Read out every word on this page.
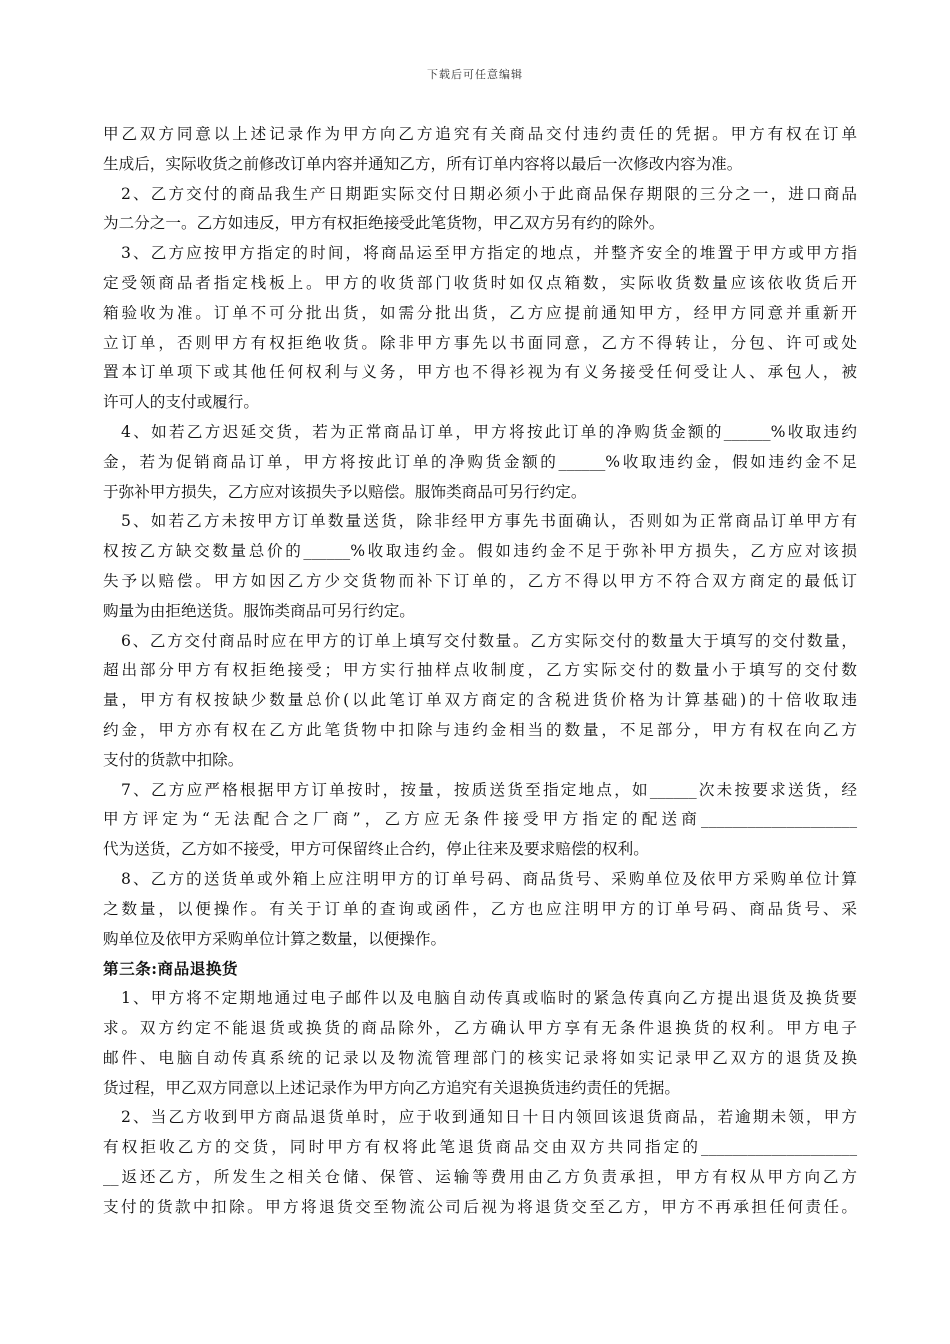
下载后可任意编辑
甲乙双方同意以上述记录作为甲方向乙方追究有关商品交付违约责任的凭据。甲方有权在订单
生成后，实际收货之前修改订单内容并通知乙方，所有订单内容将以最后一次修改内容为准。
2、乙方交付的商品我生产日期距实际交付日期必须小于此商品保存期限的三分之一，进口商品
为二分之一。乙方如违反，甲方有权拒绝接受此笔货物，甲乙双方另有约的除外。
3、乙方应按甲方指定的时间，将商品运至甲方指定的地点，并整齐安全的堆置于甲方或甲方指
定受领商品者指定栈板上。甲方的收货部门收货时如仅点箱数，实际收货数量应该依收货后开
箱验收为准。订单不可分批出货，如需分批出货，乙方应提前通知甲方，经甲方同意并重新开
立订单，否则甲方有权拒绝收货。除非甲方事先以书面同意，乙方不得转让，分包、许可或处
置本订单项下或其他任何权利与义务，甲方也不得衫视为有义务接受任何受让人、承包人，被
许可人的支付或履行。
4、如若乙方迟延交货，若为正常商品订单，甲方将按此订单的净购货金额的______%收取违约
金，若为促销商品订单，甲方将按此订单的净购货金额的______%收取违约金，假如违约金不足
于弥补甲方损失，乙方应对该损失予以赔偿。服饰类商品可另行约定。
5、如若乙方未按甲方订单数量送货，除非经甲方事先书面确认，否则如为正常商品订单甲方有
权按乙方缺交数量总价的______%收取违约金。假如违约金不足于弥补甲方损失，乙方应对该损
失予以赔偿。甲方如因乙方少交货物而补下订单的，乙方不得以甲方不符合双方商定的最低订
购量为由拒绝送货。服饰类商品可另行约定。
6、乙方交付商品时应在甲方的订单上填写交付数量。乙方实际交付的数量大于填写的交付数量，
超出部分甲方有权拒绝接受；甲方实行抽样点收制度，乙方实际交付的数量小于填写的交付数
量，甲方有权按缺少数量总价(以此笔订单双方商定的含税进货价格为计算基础)的十倍收取违
约金，甲方亦有权在乙方此笔货物中扣除与违约金相当的数量，不足部分，甲方有权在向乙方
支付的货款中扣除。
7、乙方应严格根据甲方订单按时，按量，按质送货至指定地点，如______次未按要求送货，经
甲方评定为“无法配合之厂商”，乙方应无条件接受甲方指定的配送商____________________
代为送货，乙方如不接受，甲方可保留终止合约，停止往来及要求赔偿的权利。
8、乙方的送货单或外箱上应注明甲方的订单号码、商品货号、采购单位及依甲方采购单位计算
之数量，以便操作。有关于订单的查询或函件，乙方也应注明甲方的订单号码、商品货号、采
购单位及依甲方采购单位计算之数量，以便操作。
第三条:商品退换货
1、甲方将不定期地通过电子邮件以及电脑自动传真或临时的紧急传真向乙方提出退货及换货要
求。双方约定不能退货或换货的商品除外，乙方确认甲方享有无条件退换货的权利。甲方电子
邮件、电脑自动传真系统的记录以及物流管理部门的核实记录将如实记录甲乙双方的退货及换
货过程，甲乙双方同意以上述记录作为甲方向乙方追究有关退换货违约责任的凭据。
2、当乙方收到甲方商品退货单时，应于收到通知日十日内领回该退货商品，若逾期未领，甲方
有权拒收乙方的交货，同时甲方有权将此笔退货商品交由双方共同指定的____________________
__返还乙方，所发生之相关仓储、保管、运输等费用由乙方负责承担，甲方有权从甲方向乙方
支付的货款中扣除。甲方将退货交至物流公司后视为将退货交至乙方，甲方不再承担任何责任。
